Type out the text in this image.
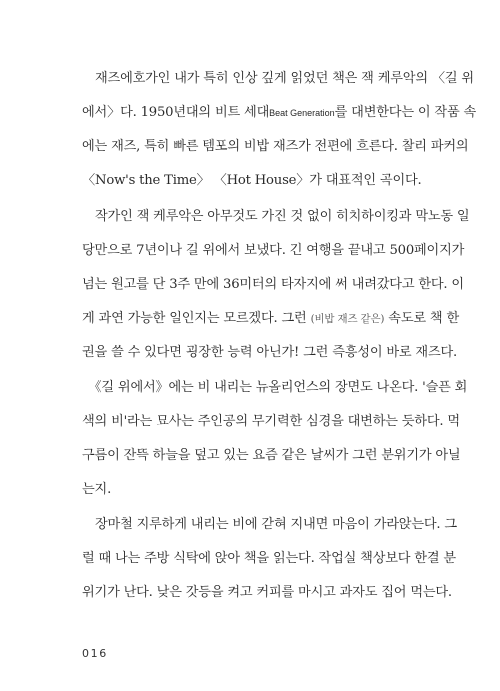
　재즈에호가인 내가 특히 인상 깊게 읽었던 책은 잭 케루악의 〈길 위
에서〉다. 1950년대의 비트 세대Beat Generation를 대변한다는 이 작품 속
에는 재즈, 특히 빠른 템포의 비밥 재즈가 전편에 흐른다. 찰리 파커의
〈Now's the Time〉 〈Hot House〉가 대표적인 곡이다.

　작가인 잭 케루악은 아무것도 가진 것 없이 히치하이킹과 막노동 일
당만으로 7년이나 길 위에서 보냈다. 긴 여행을 끝내고 500페이지가
넘는 원고를 단 3주 만에 36미터의 타자지에 써 내려갔다고 한다. 이
게 과연 가능한 일인지는 모르겠다. 그런 (비밥 재즈 같은) 속도로 책 한
권을 쓸 수 있다면 굉장한 능력 아닌가! 그런 즉흥성이 바로 재즈다.

　《길 위에서》에는 비 내리는 뉴올리언스의 장면도 나온다. '슬픈 회
색의 비'라는 묘사는 주인공의 무기력한 심경을 대변하는 듯하다. 먹
구름이 잔뜩 하늘을 덮고 있는 요즘 같은 날씨가 그런 분위기가 아닐
는지.

　장마철 지루하게 내리는 비에 갇혀 지내면 마음이 가라앉는다. 그
럴 때 나는 주방 식탁에 앉아 책을 읽는다. 작업실 책상보다 한결 분
위기가 난다. 낮은 갓등을 켜고 커피를 마시고 과자도 집어 먹는다.

016
